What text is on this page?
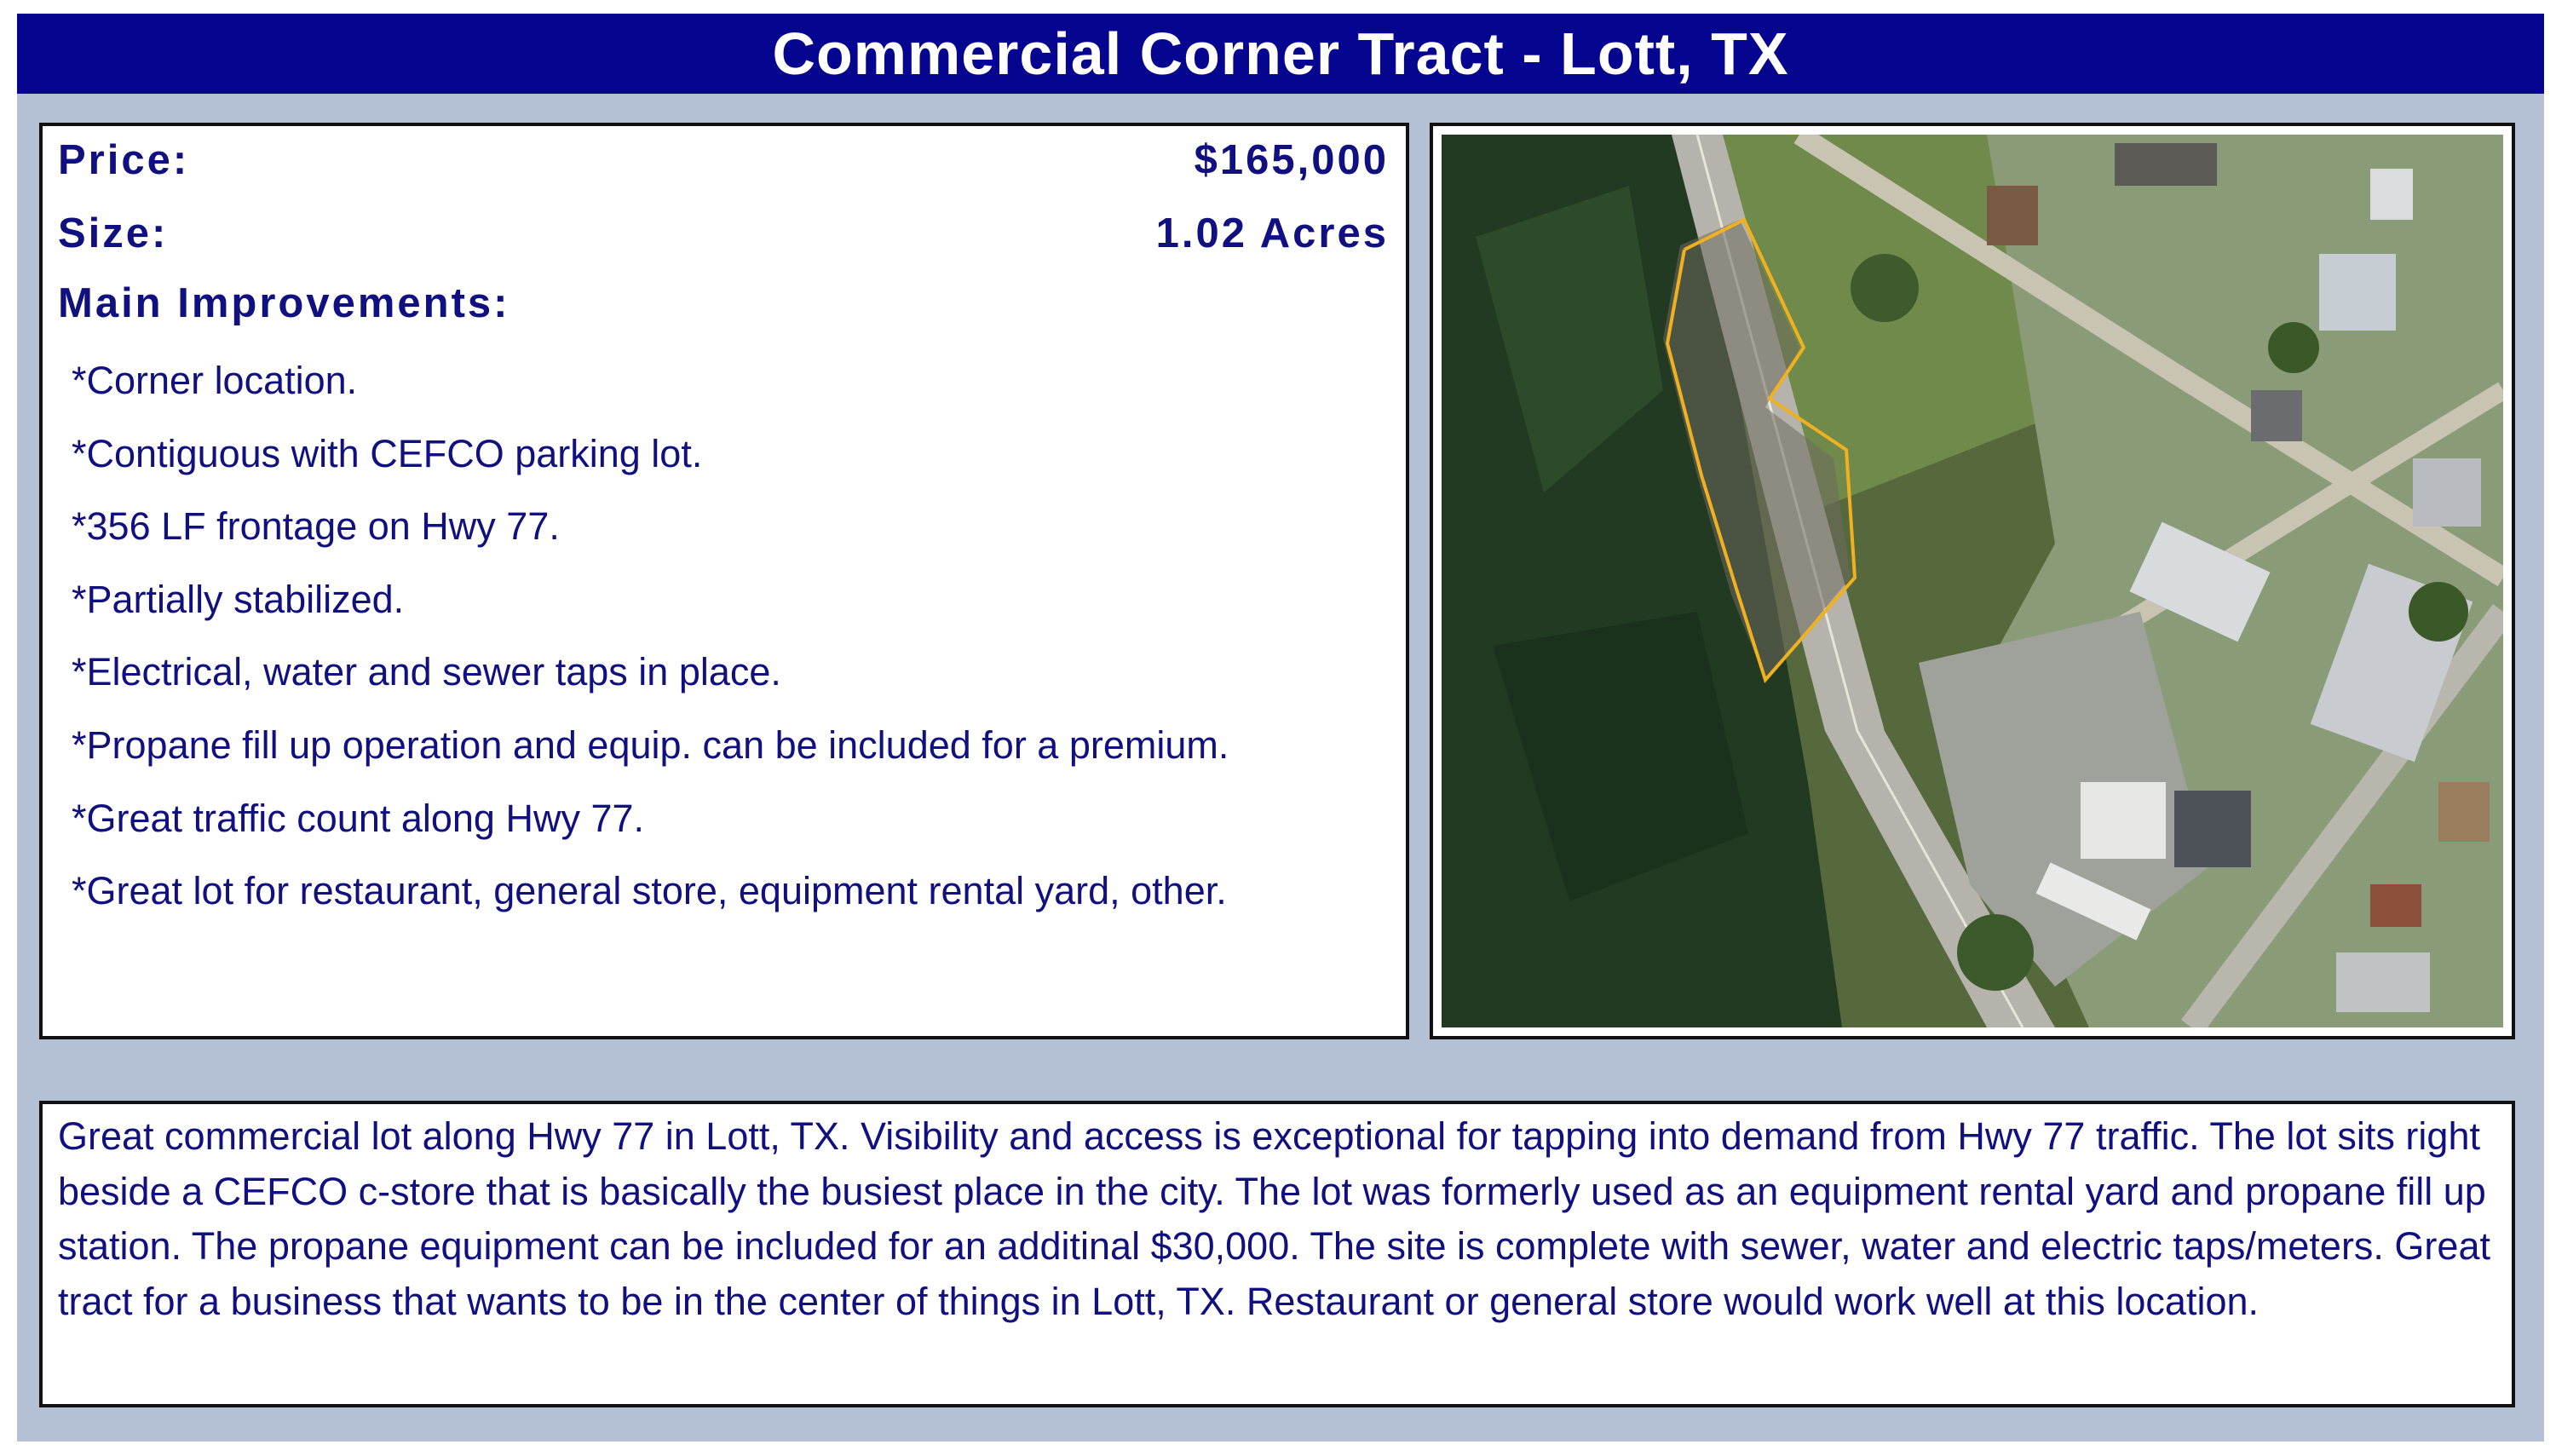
Commercial Corner Tract - Lott, TX
Price:	$165,000
Size:	1.02 Acres
Main Improvements:
*Corner location.
*Contiguous with CEFCO parking lot.
*356 LF frontage on Hwy 77.
*Partially stabilized.
*Electrical, water and sewer taps in place.
*Propane fill up operation and equip. can be included for a premium.
*Great traffic count along Hwy 77.
*Great lot for restaurant, general store, equipment rental yard, other.

Great commercial lot along Hwy 77 in Lott, TX. Visibility and access is exceptional for tapping into demand from Hwy 77 traffic. The lot sits right beside a CEFCO c-store that is basically the busiest place in the city. The lot was formerly used as an equipment rental yard and propane fill up station. The propane equipment can be included for an additinal $30,000. The site is complete with sewer, water and electric taps/meters. Great tract for a business that wants to be in the center of things in Lott, TX. Restaurant or general store would work well at this location.
